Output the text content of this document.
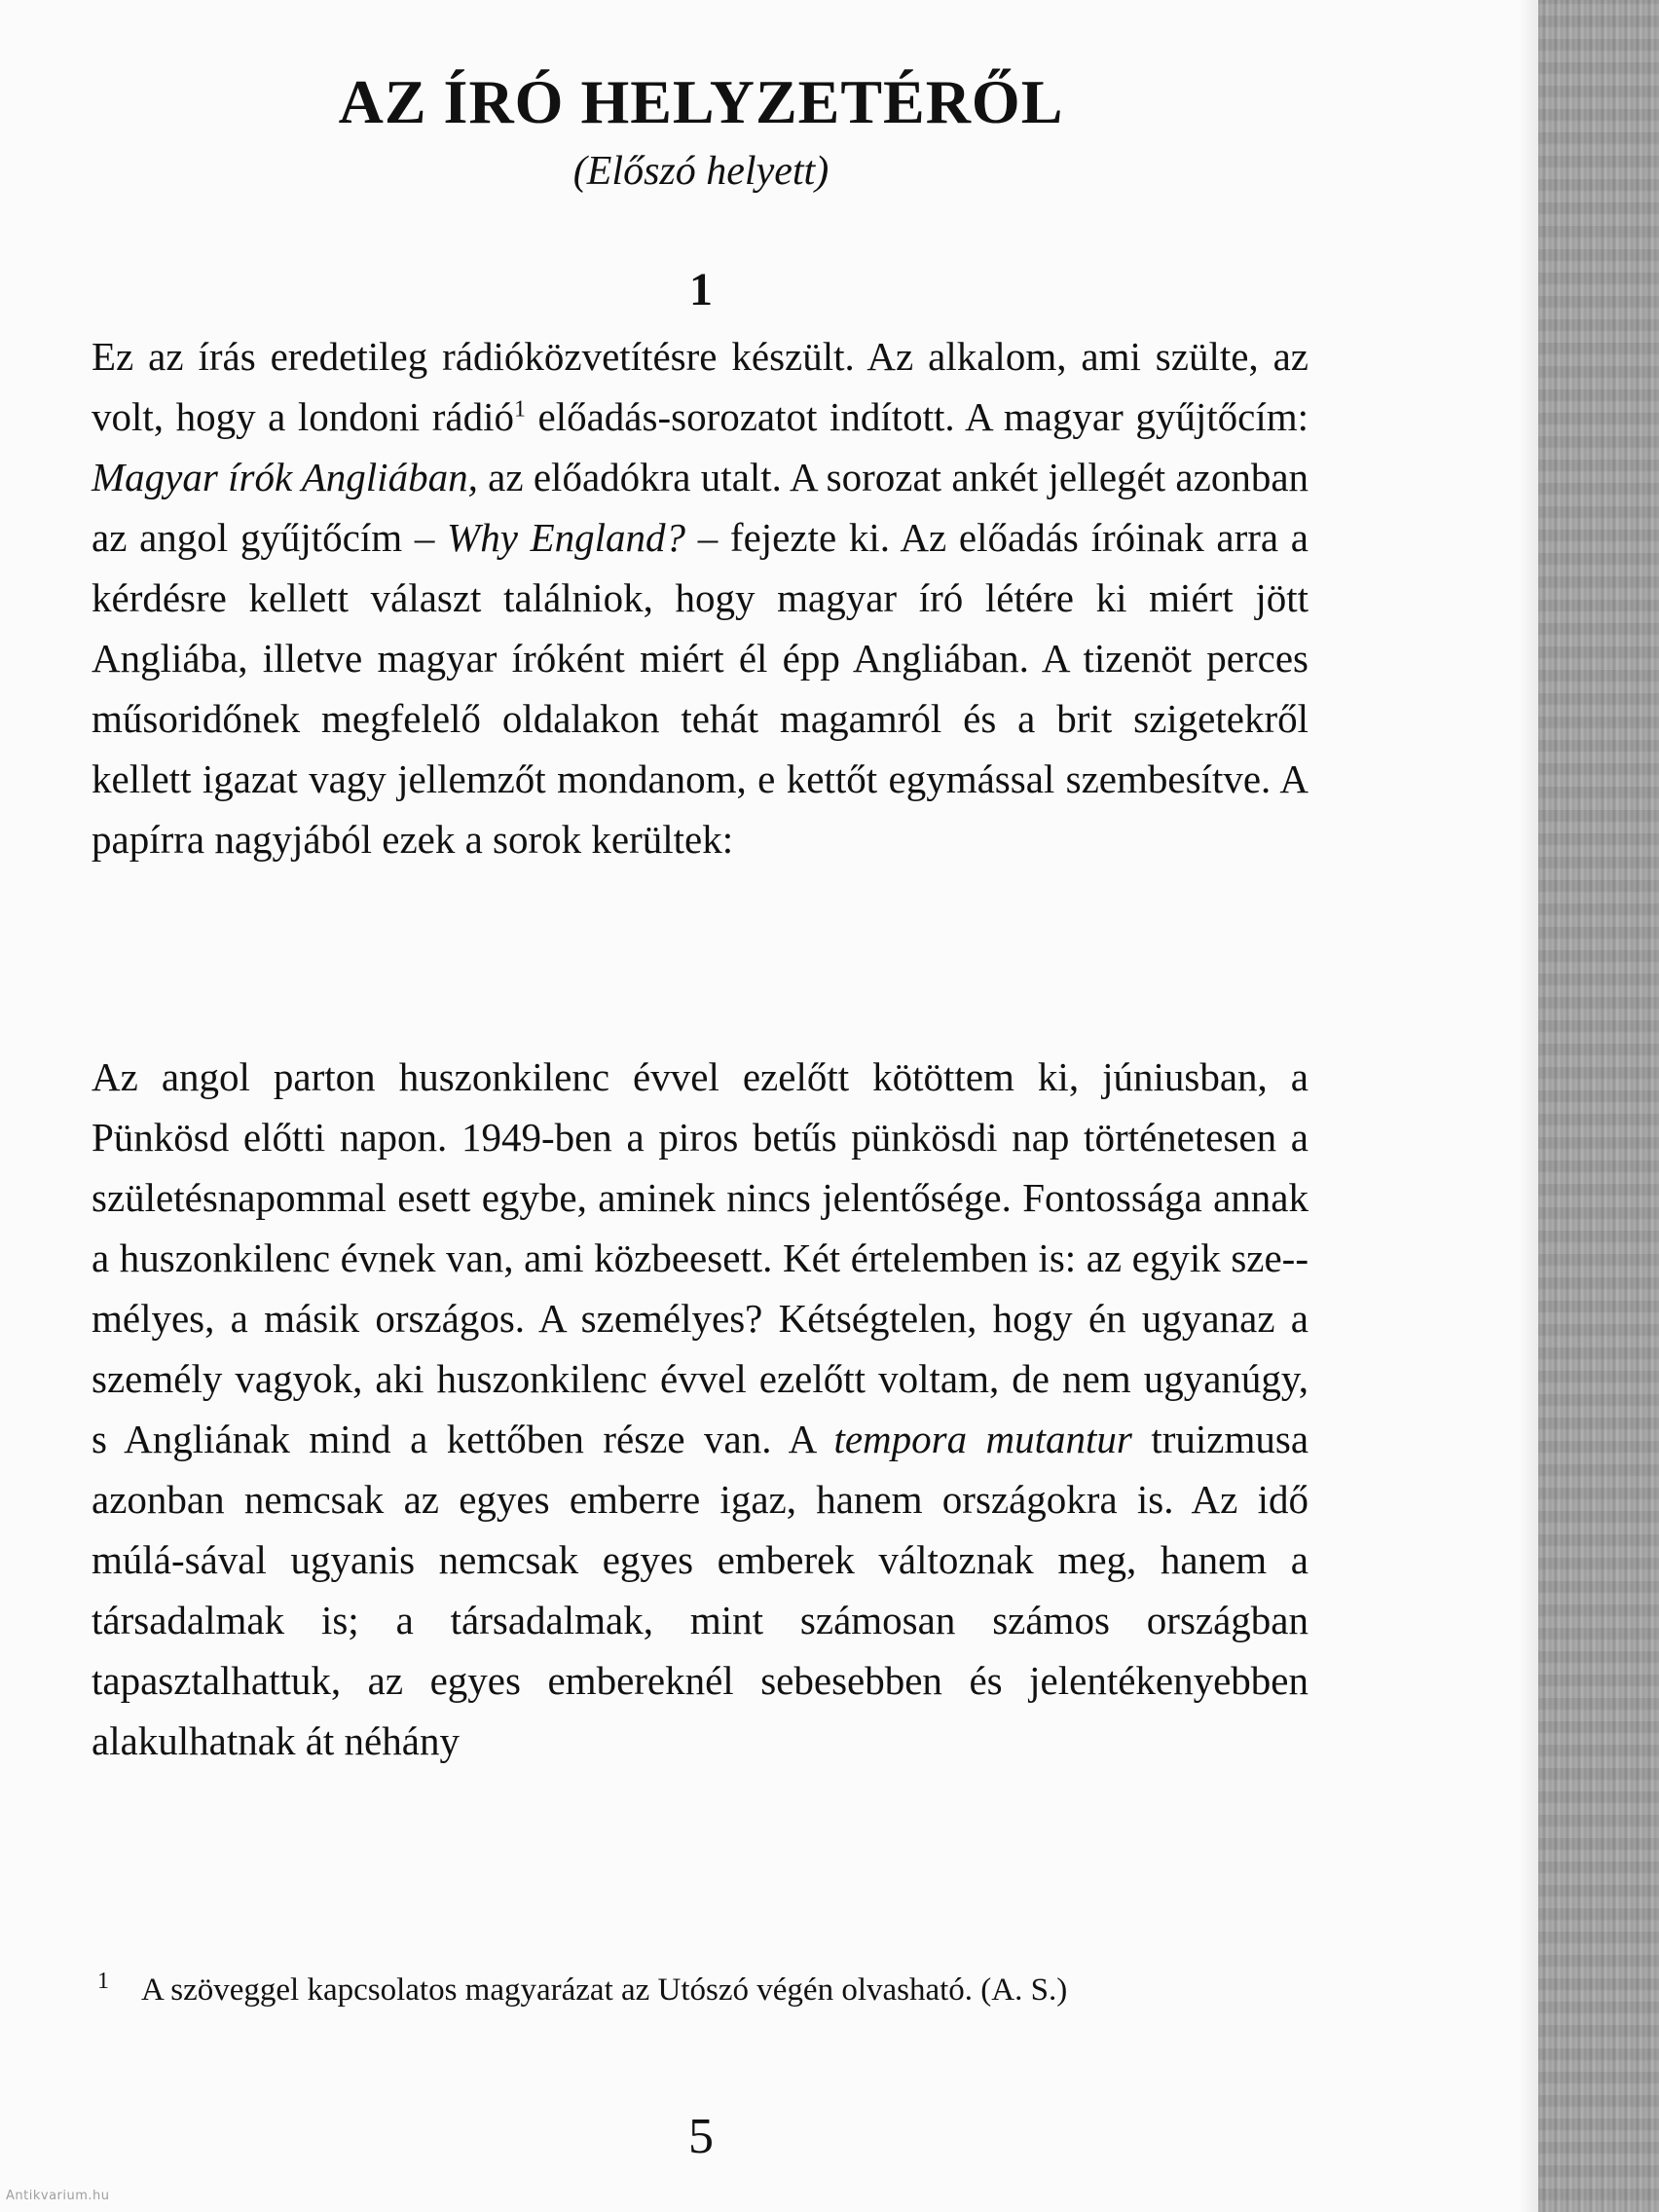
AZ ÍRÓ HELYZETÉRŐL
(Előszó helyett)
1
Ez az írás eredetileg rádióközvetítésre készült. Az alkalom, ami szülte, az volt, hogy a londoni rádió$^1$ előadás-sorozatot indított. A magyar gyűjtőcím: Magyar írók Angliában, az előadókra utalt. A sorozat ankét jellegét azonban az angol gyűjtőcím – Why England? – fejezte ki. Az előadás íróinak arra a kérdésre kellett választ találniok, hogy magyar író létére ki miért jött Angliába, illetve magyar íróként miért él épp Angliában. A tizenöt perces műsoridőnek megfelelő oldalakon tehát magamról és a brit szigetekről kellett igazat vagy jellemzőt mondanom, e kettőt egymással szembesítve. A papírra nagyjából ezek a sorok kerültek:
Az angol parton huszonkilenc évvel ezelőtt kötöttem ki, júniusban, a Pünkösd előtti napon. 1949-ben a piros betűs pünkösdi nap történetesen a születésnapommal esett egybe, aminek nincs jelentősége. Fontossága annak a huszonkilenc évnek van, ami közbeesett. Két értelemben is: az egyik sze-mélyes, a másik országos. A személyes? Kétségtelen, hogy én ugyanaz a személy vagyok, aki huszonkilenc évvel ezelőtt voltam, de nem ugyanúgy, s Angliának mind a kettőben része van. A tempora mutantur truizmusa azonban nemcsak az egyes emberre igaz, hanem országokra is. Az idő múlá-sával ugyanis nemcsak egyes emberek változnak meg, hanem a társadalmak is; a társadalmak, mint számosan számos országban tapasztalhattuk, az egyes embereknél sebesebben és jelentékenyebben alakulhatnak át néhány
1 A szöveggel kapcsolatos magyarázat az Utószó végén olvasható. (A. S.)
5
Antikvarium.hu
